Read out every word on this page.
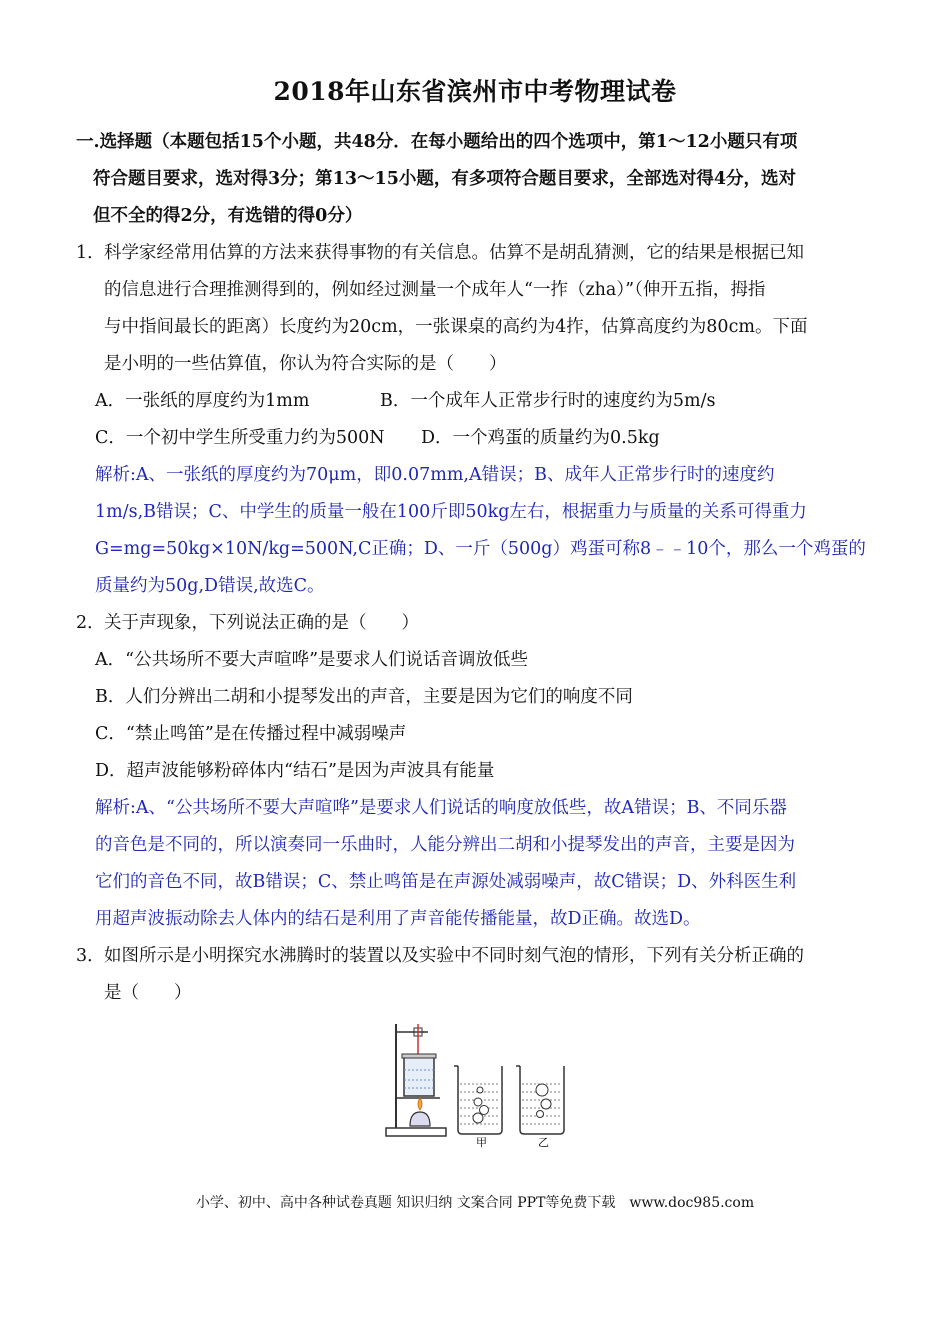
2018年山东省滨州市中考物理试卷
一.选择题（本题包括15个小题，共48分．在每小题给出的四个选项中，第1～12小题只有项
符合题目要求，选对得3分；第13～15小题，有多项符合题目要求，全部选对得4分，选对
但不全的得2分，有选错的得0分）
1．科学家经常用估算的方法来获得事物的有关信息。估算不是胡乱猜测，它的结果是根据已知
的信息进行合理推测得到的，例如经过测量一个成年人“一拃（zha）”（伸开五指，拇指
与中指间最长的距离）长度约为20cm，一张课桌的高约为4拃，估算高度约为80cm。下面
是小明的一些估算值，你认为符合实际的是（　　）
A．一张纸的厚度约为1mm	B．一个成年人正常步行时的速度约为5m/s
C．一个初中学生所受重力约为500N D．一个鸡蛋的质量约为0.5kg
解析:A、一张纸的厚度约为70μm，即0.07mm,A错误；B、成年人正常步行时的速度约
1m/s,B错误；C、中学生的质量一般在100斤即50kg左右，根据重力与质量的关系可得重力
G=mg=50kg×10N/kg=500N,C正确；D、一斤（500g）鸡蛋可称8﹣﹣10个，那么一个鸡蛋的
质量约为50g,D错误,故选C。
2．关于声现象，下列说法正确的是（　　）
A．“公共场所不要大声喧哗”是要求人们说话音调放低些
B．人们分辨出二胡和小提琴发出的声音，主要是因为它们的响度不同
C．“禁止鸣笛”是在传播过程中减弱噪声
D．超声波能够粉碎体内“结石”是因为声波具有能量
解析:A、“公共场所不要大声喧哗”是要求人们说话的响度放低些，故A错误；B、不同乐器
的音色是不同的，所以演奏同一乐曲时，人能分辨出二胡和小提琴发出的声音，主要是因为
它们的音色不同，故B错误；C、禁止鸣笛是在声源处减弱噪声，故C错误；D、外科医生利
用超声波振动除去人体内的结石是利用了声音能传播能量，故D正确。故选D。
3．如图所示是小明探究水沸腾时的装置以及实验中不同时刻气泡的情形，下列有关分析正确的
是（　　）
甲	乙
小学、初中、高中各种试卷真题 知识归纳 文案合同 PPT等免费下载　www.doc985.com
